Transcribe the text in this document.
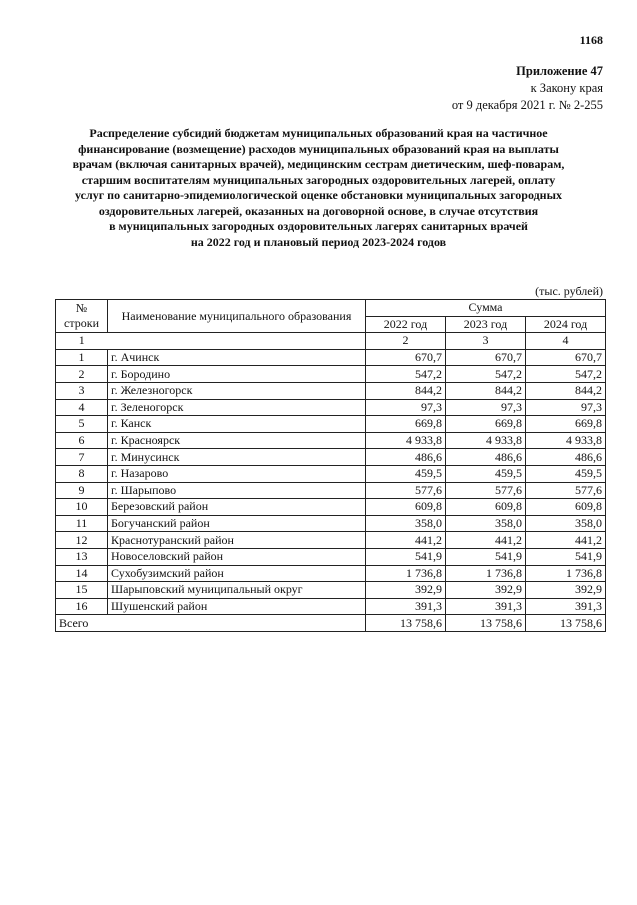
1168
Приложение 47
к Закону края
от 9 декабря 2021 г. № 2-255
Распределение субсидий бюджетам муниципальных образований края на частичное
финансирование (возмещение) расходов муниципальных образований края на выплаты
врачам (включая санитарных врачей), медицинским сестрам диетическим, шеф-поварам,
старшим воспитателям муниципальных загородных оздоровительных лагерей, оплату
услуг по санитарно-эпидемиологической оценке обстановки муниципальных загородных
оздоровительных лагерей, оказанных на договорной основе, в случае отсутствия
в муниципальных загородных оздоровительных лагерях санитарных врачей
на 2022 год и плановый период 2023-2024 годов
(тыс. рублей)
№ строки	Наименование муниципального образования	Сумма		
		2022 год	2023 год	2024 год
1		2	3	4
1	г. Ачинск	670,7	670,7	670,7
2	г. Бородино	547,2	547,2	547,2
3	г. Железногорск	844,2	844,2	844,2
4	г. Зеленогорск	97,3	97,3	97,3
5	г. Канск	669,8	669,8	669,8
6	г. Красноярск	4 933,8	4 933,8	4 933,8
7	г. Минусинск	486,6	486,6	486,6
8	г. Назарово	459,5	459,5	459,5
9	г. Шарыпово	577,6	577,6	577,6
10	Березовский район	609,8	609,8	609,8
11	Богучанский район	358,0	358,0	358,0
12	Краснотуранский район	441,2	441,2	441,2
13	Новоселовский район	541,9	541,9	541,9
14	Сухобузимский район	1 736,8	1 736,8	1 736,8
15	Шарыповский муниципальный округ	392,9	392,9	392,9
16	Шушенский район	391,3	391,3	391,3
Всего		13 758,6	13 758,6	13 758,6
